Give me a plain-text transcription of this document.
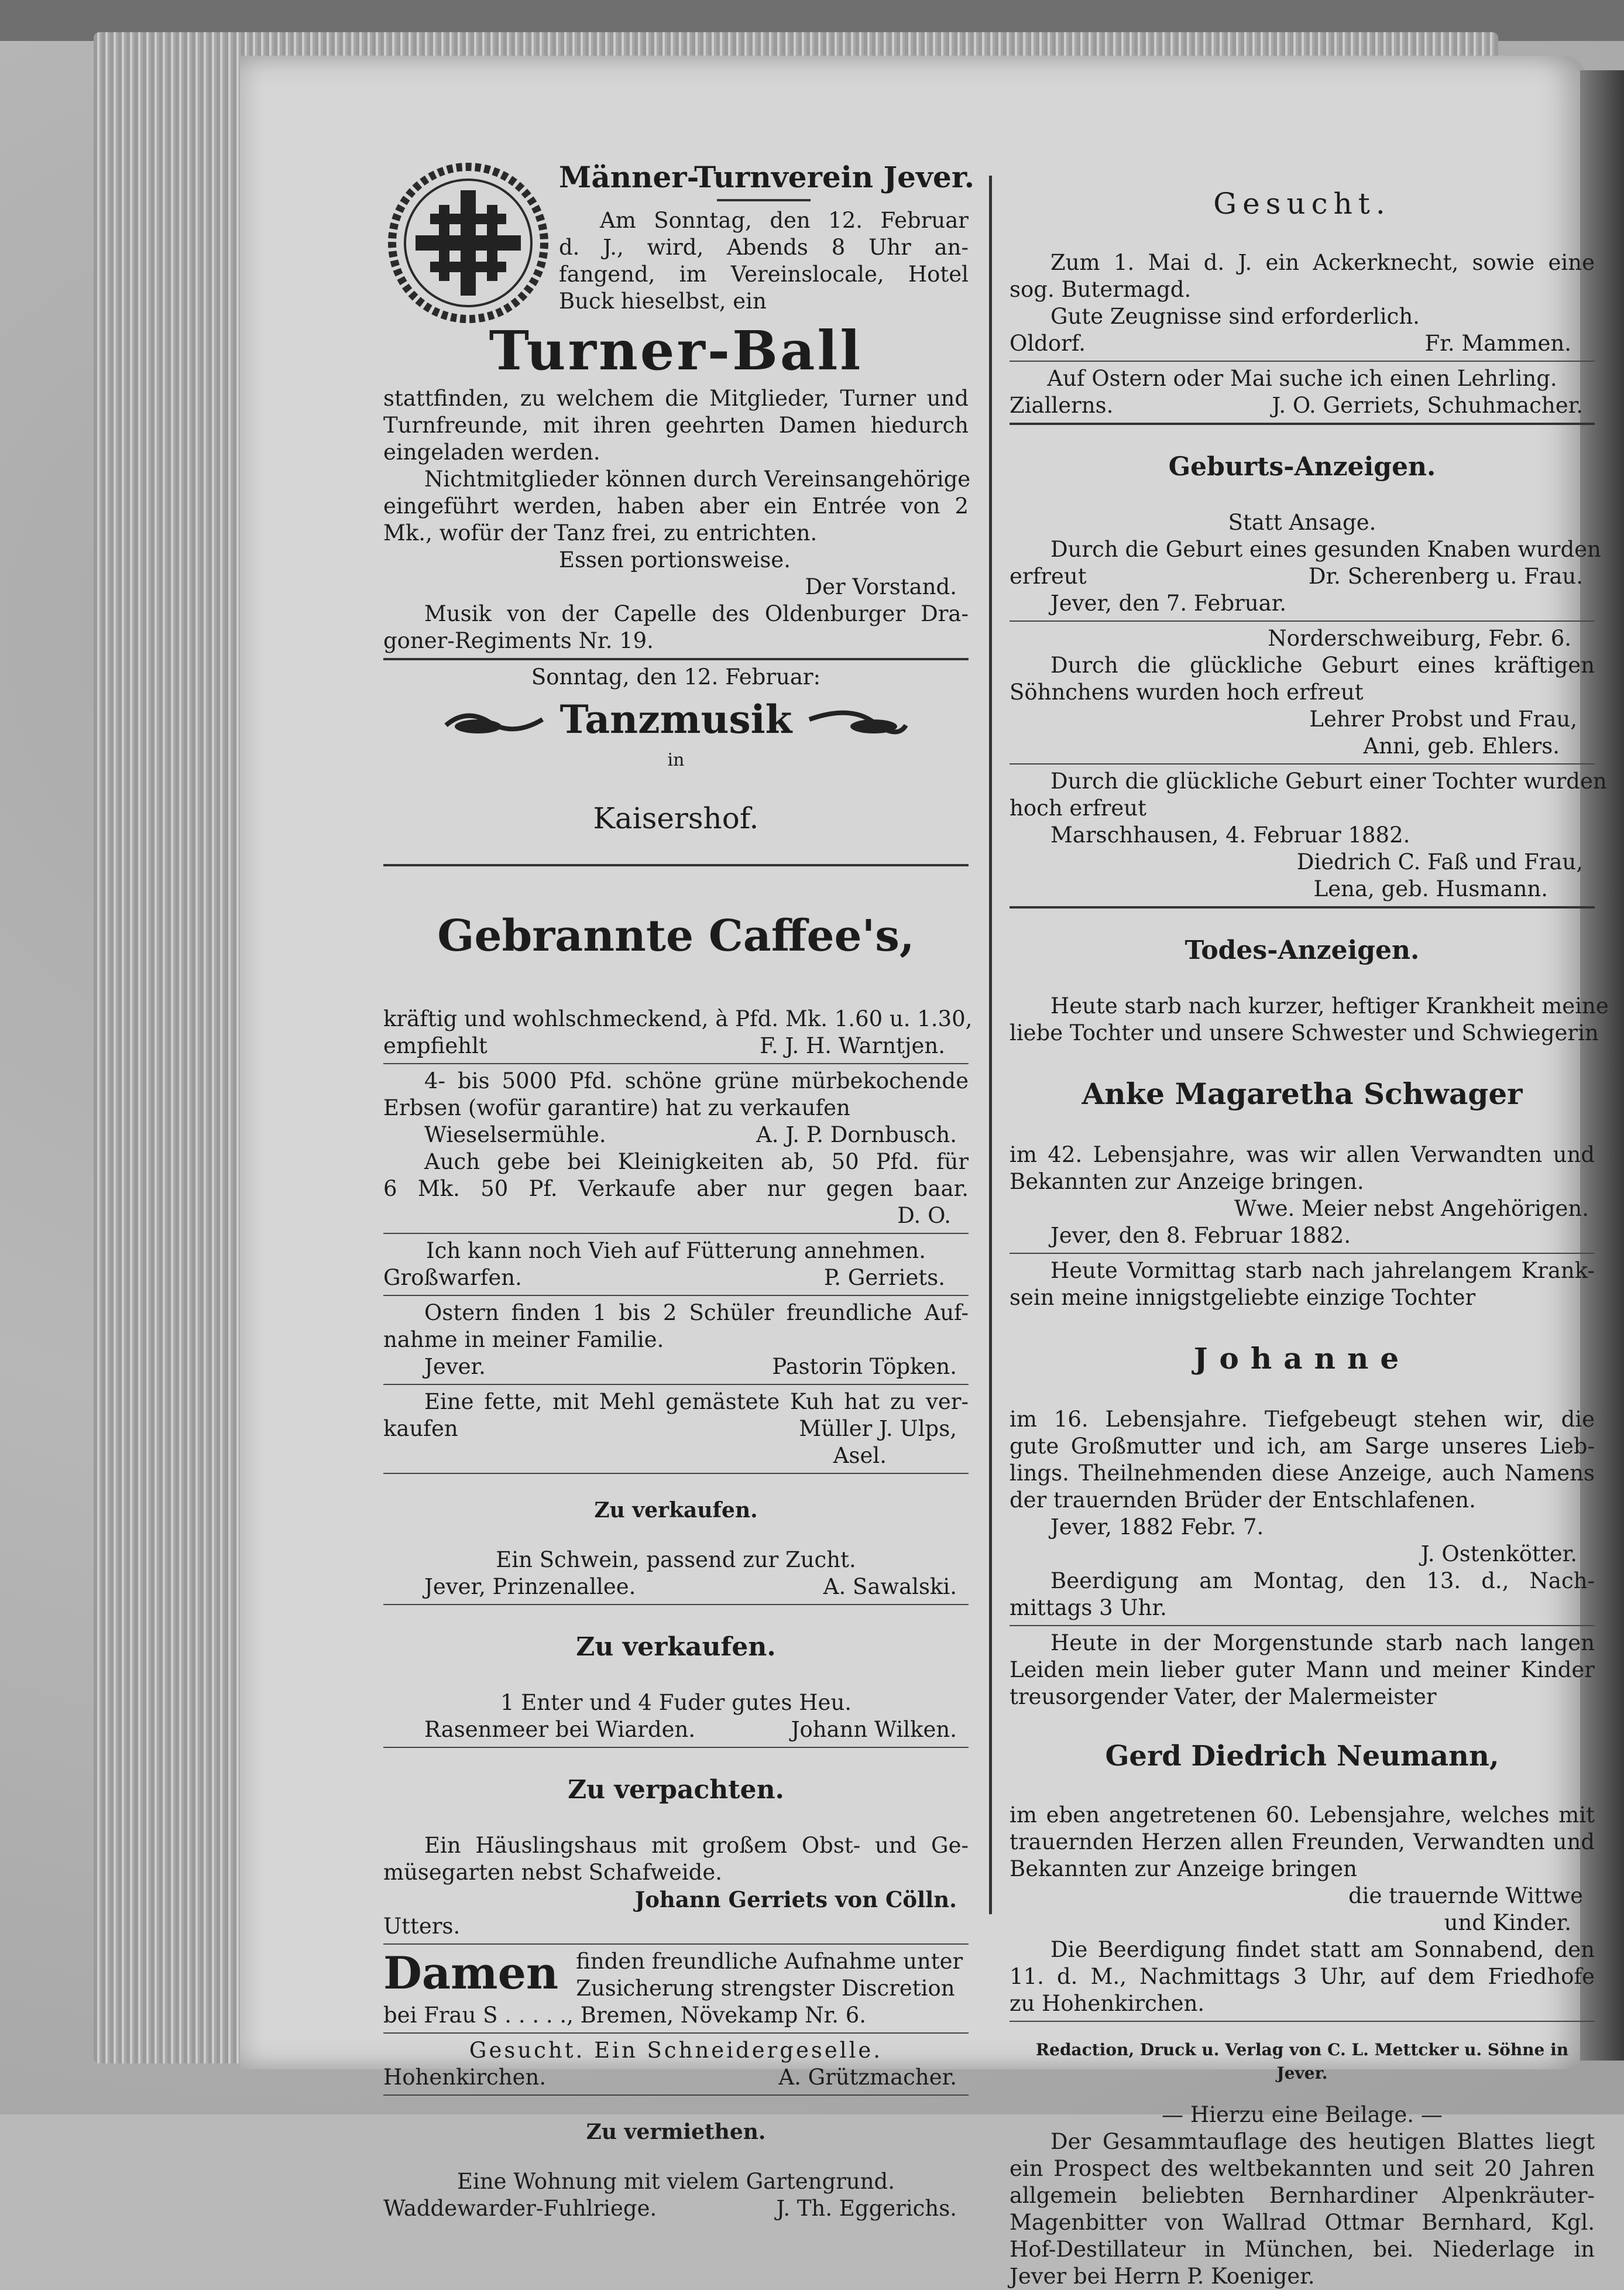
Männer-Turnverein Jever.

Am Sonntag, den 12. Februar

d. J., wird, Abends 8 Uhr an-

fangend, im Vereinslocale, Hotel

Buck hieselbst, ein

Turner-Ball

stattfinden, zu welchem die Mitglieder, Turner und

Turnfreunde, mit ihren geehrten Damen hiedurch

eingeladen werden.

Nichtmitglieder können durch Vereinsangehörige

eingeführt werden, haben aber ein Entrée von 2

Mk., wofür der Tanz frei, zu entrichten.

Essen portionsweise.

Der Vorstand.

Musik von der Capelle des Oldenburger Dra-

goner-Regiments Nr. 19.

Sonntag, den 12. Februar:

Tanzmusik

in

Kaisershof.

Gebrannte Caffee's,

kräftig und wohlschmeckend, à Pfd. Mk. 1.60 u. 1.30,

empfiehlt	F. J. H. Warntjen.

4- bis 5000 Pfd. schöne grüne mürbekochende

Erbsen (wofür garantire) hat zu verkaufen

Wieselsermühle.	A. J. P. Dornbusch.

Auch gebe bei Kleinigkeiten ab, 50 Pfd. für

6 Mk. 50 Pf. Verkaufe aber nur gegen baar.

D. O.

Ich kann noch Vieh auf Fütterung annehmen.

Großwarfen.	P. Gerriets.

Ostern finden 1 bis 2 Schüler freundliche Auf-

nahme in meiner Familie.

Jever.	Pastorin Töpken.

Eine fette, mit Mehl gemästete Kuh hat zu ver-

kaufen	Müller J. Ulps,

Asel.

Zu verkaufen.

Ein Schwein, passend zur Zucht.

Jever, Prinzenallee.	A. Sawalski.

Zu verkaufen.

1 Enter und 4 Fuder gutes Heu.

Rasenmeer bei Wiarden.	Johann Wilken.

Zu verpachten.

Ein Häuslingshaus mit großem Obst- und Ge-

müsegarten nebst Schafweide.

Johann Gerriets von Cölln.

Utters.

Damen finden freundliche Aufnahme unter

Zusicherung strengster Discretion

bei Frau S . . . . ., Bremen, Növekamp Nr. 6.

Gesucht. Ein Schneidergeselle.

Hohenkirchen.	A. Grützmacher.

Zu vermiethen.

Eine Wohnung mit vielem Gartengrund.

Waddewarder-Fuhlriege.	J. Th. Eggerichs.

Gesucht.

Zum 1. Mai d. J. ein Ackerknecht, sowie eine

sog. Butermagd.

Gute Zeugnisse sind erforderlich.

Oldorf.	Fr. Mammen.

Auf Ostern oder Mai suche ich einen Lehrling.

Ziallerns.	J. O. Gerriets, Schuhmacher.

Geburts-Anzeigen.

Statt Ansage.

Durch die Geburt eines gesunden Knaben wurden

erfreut	Dr. Scherenberg u. Frau.

Jever, den 7. Februar.

Norderschweiburg, Febr. 6.

Durch die glückliche Geburt eines kräftigen

Söhnchens wurden hoch erfreut

Lehrer Probst und Frau,

Anni, geb. Ehlers.

Durch die glückliche Geburt einer Tochter wurden

hoch erfreut

Marschhausen, 4. Februar 1882.

Diedrich C. Faß und Frau,

Lena, geb. Husmann.

Todes-Anzeigen.

Heute starb nach kurzer, heftiger Krankheit meine

liebe Tochter und unsere Schwester und Schwiegerin

Anke Magaretha Schwager

im 42. Lebensjahre, was wir allen Verwandten und

Bekannten zur Anzeige bringen.

Wwe. Meier nebst Angehörigen.

Jever, den 8. Februar 1882.

Heute Vormittag starb nach jahrelangem Krank-

sein meine innigstgeliebte einzige Tochter

Johanne

im 16. Lebensjahre. Tiefgebeugt stehen wir, die

gute Großmutter und ich, am Sarge unseres Lieb-

lings. Theilnehmenden diese Anzeige, auch Namens

der trauernden Brüder der Entschlafenen.

Jever, 1882 Febr. 7.

J. Ostenkötter.

Beerdigung am Montag, den 13. d., Nach-

mittags 3 Uhr.

Heute in der Morgenstunde starb nach langen

Leiden mein lieber guter Mann und meiner Kinder

treusorgender Vater, der Malermeister

Gerd Diedrich Neumann,

im eben angetretenen 60. Lebensjahre, welches mit

trauernden Herzen allen Freunden, Verwandten und

Bekannten zur Anzeige bringen

die trauernde Wittwe

und Kinder.

Die Beerdigung findet statt am Sonnabend, den

11. d. M., Nachmittags 3 Uhr, auf dem Friedhofe

zu Hohenkirchen.

Redaction, Druck u. Verlag von C. L. Mettcker u. Söhne in Jever.

— Hierzu eine Beilage. —

Der Gesammtauflage des heutigen Blattes liegt

ein Prospect des weltbekannten und seit 20 Jahren

allgemein beliebten Bernhardiner Alpenkräuter-

Magenbitter von Wallrad Ottmar Bernhard, Kgl.

Hof-Destillateur in München, bei. Niederlage in

Jever bei Herrn P. Koeniger.
